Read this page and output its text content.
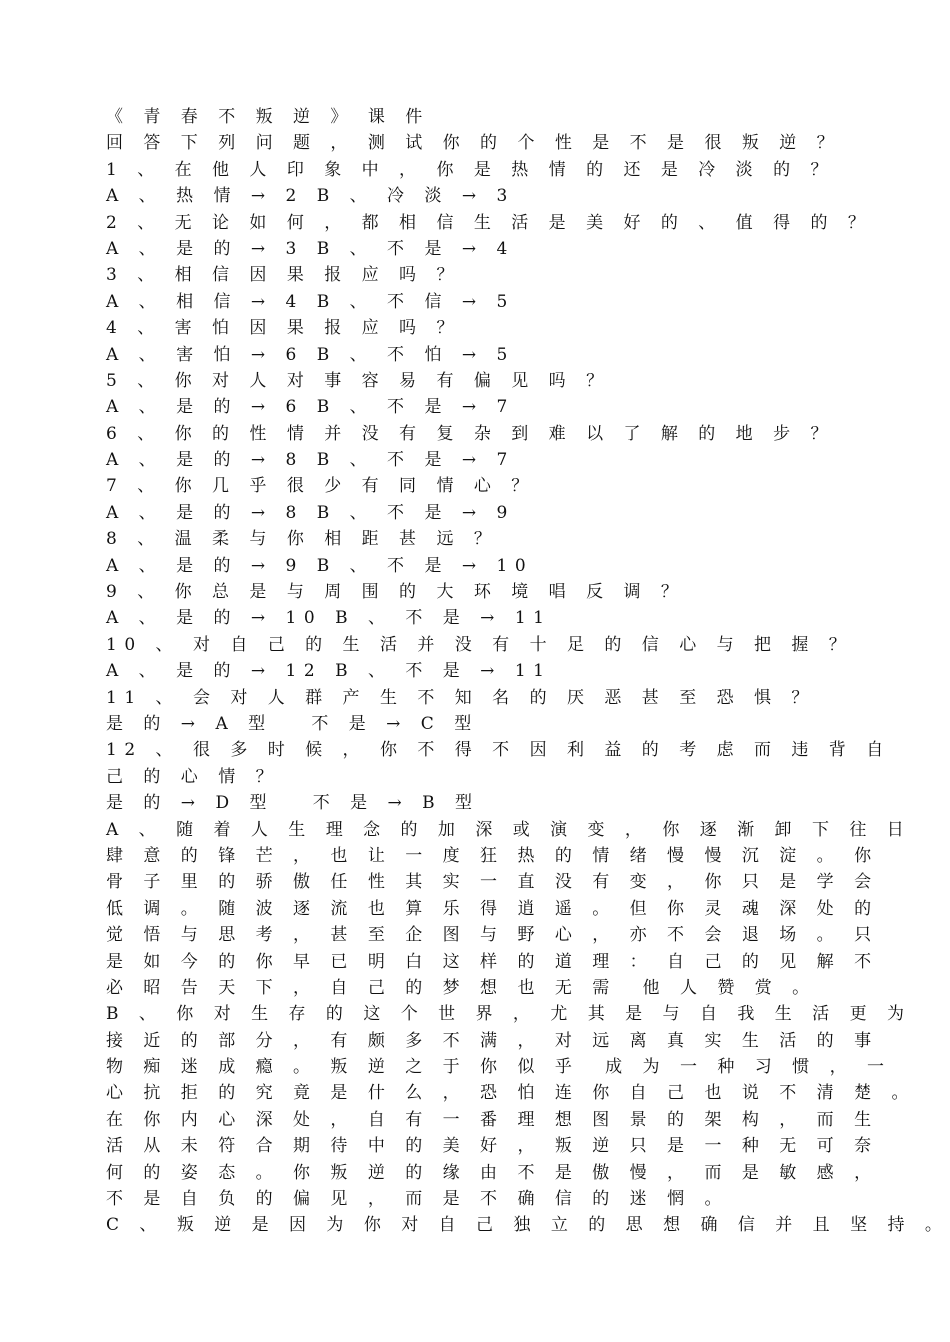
《 青 春 不 叛 逆 》 课 件
回 答 下 列 问 题 ， 测 试 你 的 个 性 是 不 是 很 叛 逆 ？
1 、 在 他 人 印 象 中 ， 你 是 热 情 的 还 是 冷 淡 的 ？
A 、 热 情 → 2 B 、 冷 淡 → 3
2 、 无 论 如 何 ， 都 相 信 生 活 是 美 好 的 、 值 得 的 ？
A 、 是 的 → 3 B 、 不 是 → 4
3 、 相 信 因 果 报 应 吗 ？
A 、 相 信 → 4 B 、 不 信 → 5
4 、 害 怕 因 果 报 应 吗 ？
A 、 害 怕 → 6 B 、 不 怕 → 5
5 、 你 对 人 对 事 容 易 有 偏 见 吗 ？
A 、 是 的 → 6 B 、 不 是 → 7
6 、 你 的 性 情 并 没 有 复 杂 到 难 以 了 解 的 地 步 ？
A 、 是 的 → 8 B 、 不 是 → 7
7 、 你 几 乎 很 少 有 同 情 心 ？
A 、 是 的 → 8 B 、 不 是 → 9
8 、 温 柔 与 你 相 距 甚 远 ？
A 、 是 的 → 9 B 、 不 是 → 10
9 、 你 总 是 与 周 围 的 大 环 境 唱 反 调 ？
A 、 是 的 → 10 B 、 不 是 → 11
10 、 对 自 己 的 生 活 并 没 有 十 足 的 信 心 与 把 握 ？
A 、 是 的 → 12 B 、 不 是 → 11
11 、 会 对 人 群 产 生 不 知 名 的 厌 恶 甚 至 恐 惧 ？
是 的 → A 型   不 是 → C 型
12 、 很 多 时 候 ， 你 不 得 不 因 利 益 的 考 虑 而 违 背 自
己 的 心 情 ？
是 的 → D 型   不 是 → B 型
A 、 随 着 人 生 理 念 的 加 深 或 演 变 ， 你 逐 渐 卸 下 往 日
肆 意 的 锋 芒 ， 也 让 一 度 狂 热 的 情 绪 慢 慢 沉 淀 。 你
骨 子 里 的 骄 傲 任 性 其 实 一 直 没 有 变 ， 你 只 是 学 会
低 调 。 随 波 逐 流 也 算 乐 得 逍 遥 。 但 你 灵 魂 深 处 的
觉 悟 与 思 考 ， 甚 至 企 图 与 野 心 ， 亦 不 会 退 场 。 只
是 如 今 的 你 早 已 明 白 这 样 的 道 理 ： 自 己 的 见 解 不
必 昭 告 天 下 ， 自 己 的 梦 想 也 无 需  他 人 赞 赏 。
B 、 你 对 生 存 的 这 个 世 界 ， 尤 其 是 与 自 我 生 活 更 为
接 近 的 部 分 ， 有 颇 多 不 满 ， 对 远 离 真 实 生 活 的 事
物 痴 迷 成 瘾 。 叛 逆 之 于 你 似 乎  成 为 一 种 习 惯 ， 一
心 抗 拒 的 究 竟 是 什 么 ， 恐 怕 连 你 自 己 也 说 不 清 楚 。
在 你 内 心 深 处 ， 自 有 一 番 理 想 图 景 的 架 构 ， 而 生
活 从 未 符 合 期 待 中 的 美 好 ， 叛 逆 只 是 一 种 无 可 奈
何 的 姿 态 。 你 叛 逆 的 缘 由 不 是 傲 慢 ， 而 是 敏 感 ，
不 是 自 负 的 偏 见 ， 而 是 不 确 信 的 迷 惘 。
C 、 叛 逆 是 因 为 你 对 自 己 独 立 的 思 想 确 信 并 且 坚 持 。
